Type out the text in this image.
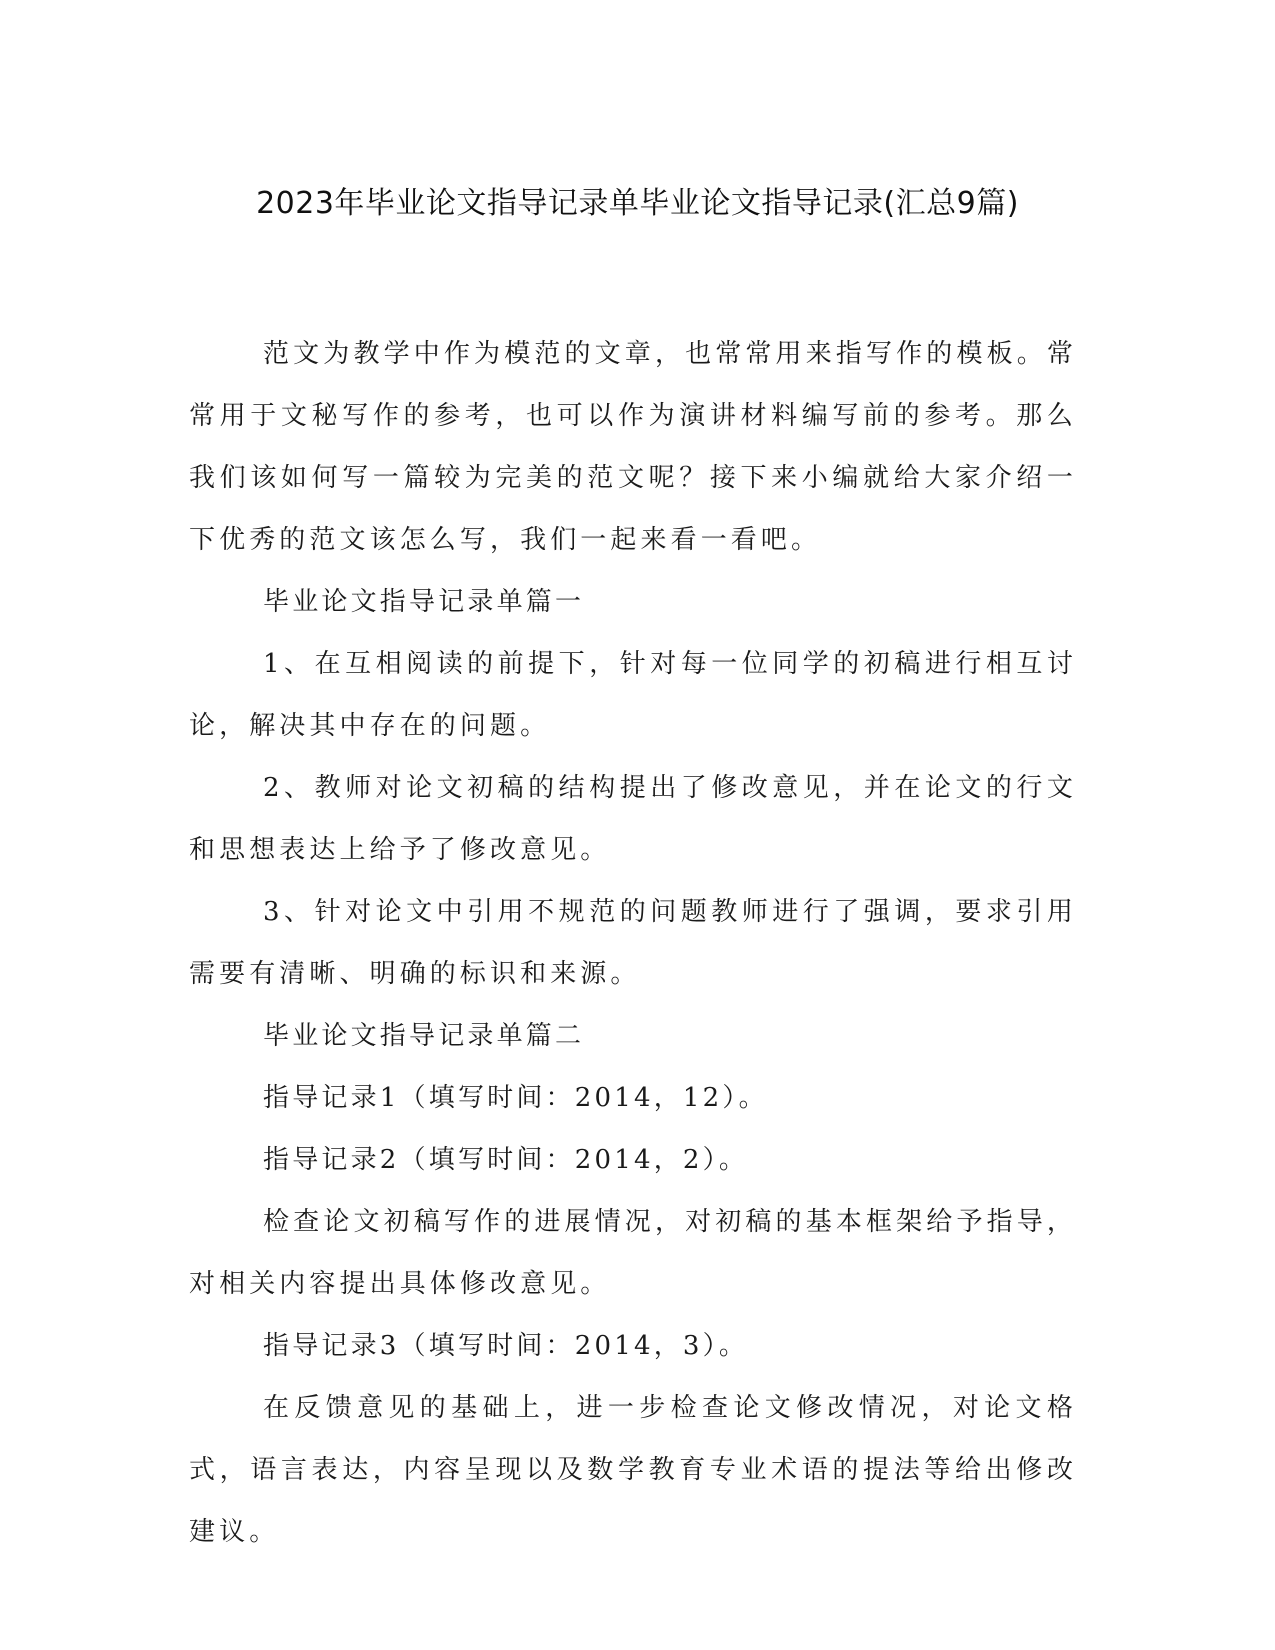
2023年毕业论文指导记录单毕业论文指导记录(汇总9篇)

范文为教学中作为模范的文章，也常常用来指写作的模板。常常用于文秘写作的参考，也可以作为演讲材料编写前的参考。那么我们该如何写一篇较为完美的范文呢？接下来小编就给大家介绍一下优秀的范文该怎么写，我们一起来看一看吧。

毕业论文指导记录单篇一

1、在互相阅读的前提下，针对每一位同学的初稿进行相互讨论，解决其中存在的问题。

2、教师对论文初稿的结构提出了修改意见，并在论文的行文和思想表达上给予了修改意见。

3、针对论文中引用不规范的问题教师进行了强调，要求引用需要有清晰、明确的标识和来源。

毕业论文指导记录单篇二

指导记录1（填写时间：2014，12）。

指导记录2（填写时间：2014，2）。

检查论文初稿写作的进展情况，对初稿的基本框架给予指导，对相关内容提出具体修改意见。

指导记录3（填写时间：2014，3）。

在反馈意见的基础上，进一步检查论文修改情况，对论文格式，语言表达，内容呈现以及数学教育专业术语的提法等给出修改建议。
